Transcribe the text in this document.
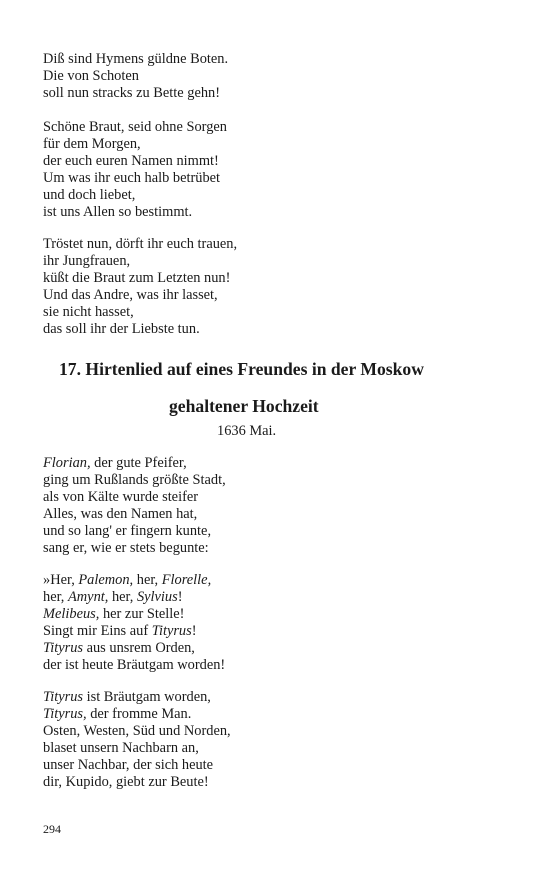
Diß sind Hymens güldne Boten.
Die von Schoten
soll nun stracks zu Bette gehn!
Schöne Braut, seid ohne Sorgen
für dem Morgen,
der euch euren Namen nimmt!
Um was ihr euch halb betrübet
und doch liebet,
ist uns Allen so bestimmt.
Tröstet nun, dörft ihr euch trauen,
ihr Jungfrauen,
küßt die Braut zum Letzten nun!
Und das Andre, was ihr lasset,
sie nicht hasset,
das soll ihr der Liebste tun.
17. Hirtenlied auf eines Freundes in der Moskow
gehaltener Hochzeit
1636 Mai.
Florian, der gute Pfeifer,
ging um Rußlands größte Stadt,
als von Kälte wurde steifer
Alles, was den Namen hat,
und so lang' er fingern kunte,
sang er, wie er stets begunte:
»Her, Palemon, her, Florelle,
her, Amynt, her, Sylvius!
Melibeus, her zur Stelle!
Singt mir Eins auf Tityrus!
Tityrus aus unsrem Orden,
der ist heute Bräutgam worden!
Tityrus ist Bräutgam worden,
Tityrus, der fromme Man.
Osten, Westen, Süd und Norden,
blaset unsern Nachbarn an,
unser Nachbar, der sich heute
dir, Kupido, giebt zur Beute!
294
